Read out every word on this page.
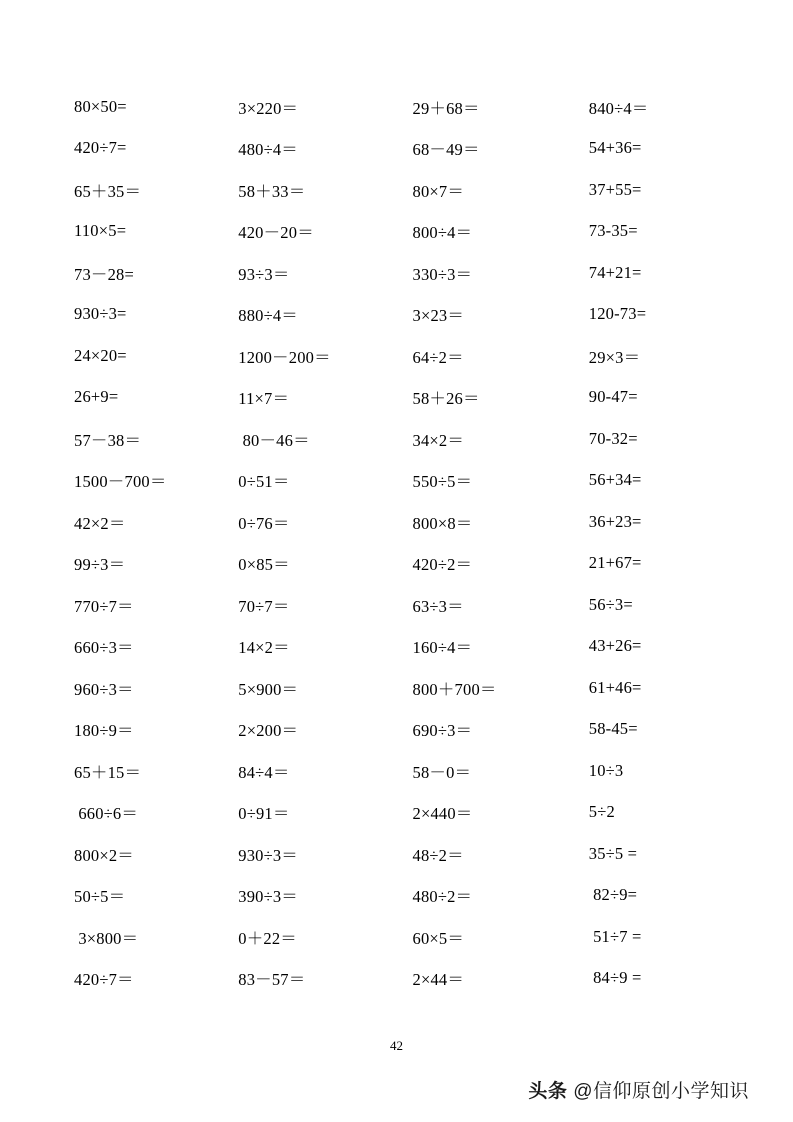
80×50=	3×220＝	29＋68＝	840÷4＝
420÷7=	480÷4＝	68－49＝	54+36=
65＋35＝	58＋33＝	80×7＝	37+55=
110×5=	420－20＝	800÷4＝	73-35=
73－28=	93÷3＝	330÷3＝	74+21=
930÷3=	880÷4＝	3×23＝	120-73=
24×20=	1200－200＝	64÷2＝	29×3＝
26+9=	11×7＝	58＋26＝	90-47=
57－38＝	80－46＝	34×2＝	70-32=
1500－700＝	0÷51＝	550÷5＝	56+34=
42×2＝	0÷76＝	800×8＝	36+23=
99÷3＝	0×85＝	420÷2＝	21+67=
770÷7＝	70÷7＝	63÷3＝	56÷3=
660÷3＝	14×2＝	160÷4＝	43+26=
960÷3＝	5×900＝	800＋700＝	61+46=
180÷9＝	2×200＝	690÷3＝	58-45=
65＋15＝	84÷4＝	58－0＝	10÷3
660÷6＝	0÷91＝	2×440＝	5÷2
800×2＝	930÷3＝	48÷2＝	35÷5 =
50÷5＝	390÷3＝	480÷2＝	82÷9=
3×800＝	0＋22＝	60×5＝	51÷7 =
420÷7＝	83－57＝	2×44＝	84÷9 =
42
头条 @信仰原创小学知识
